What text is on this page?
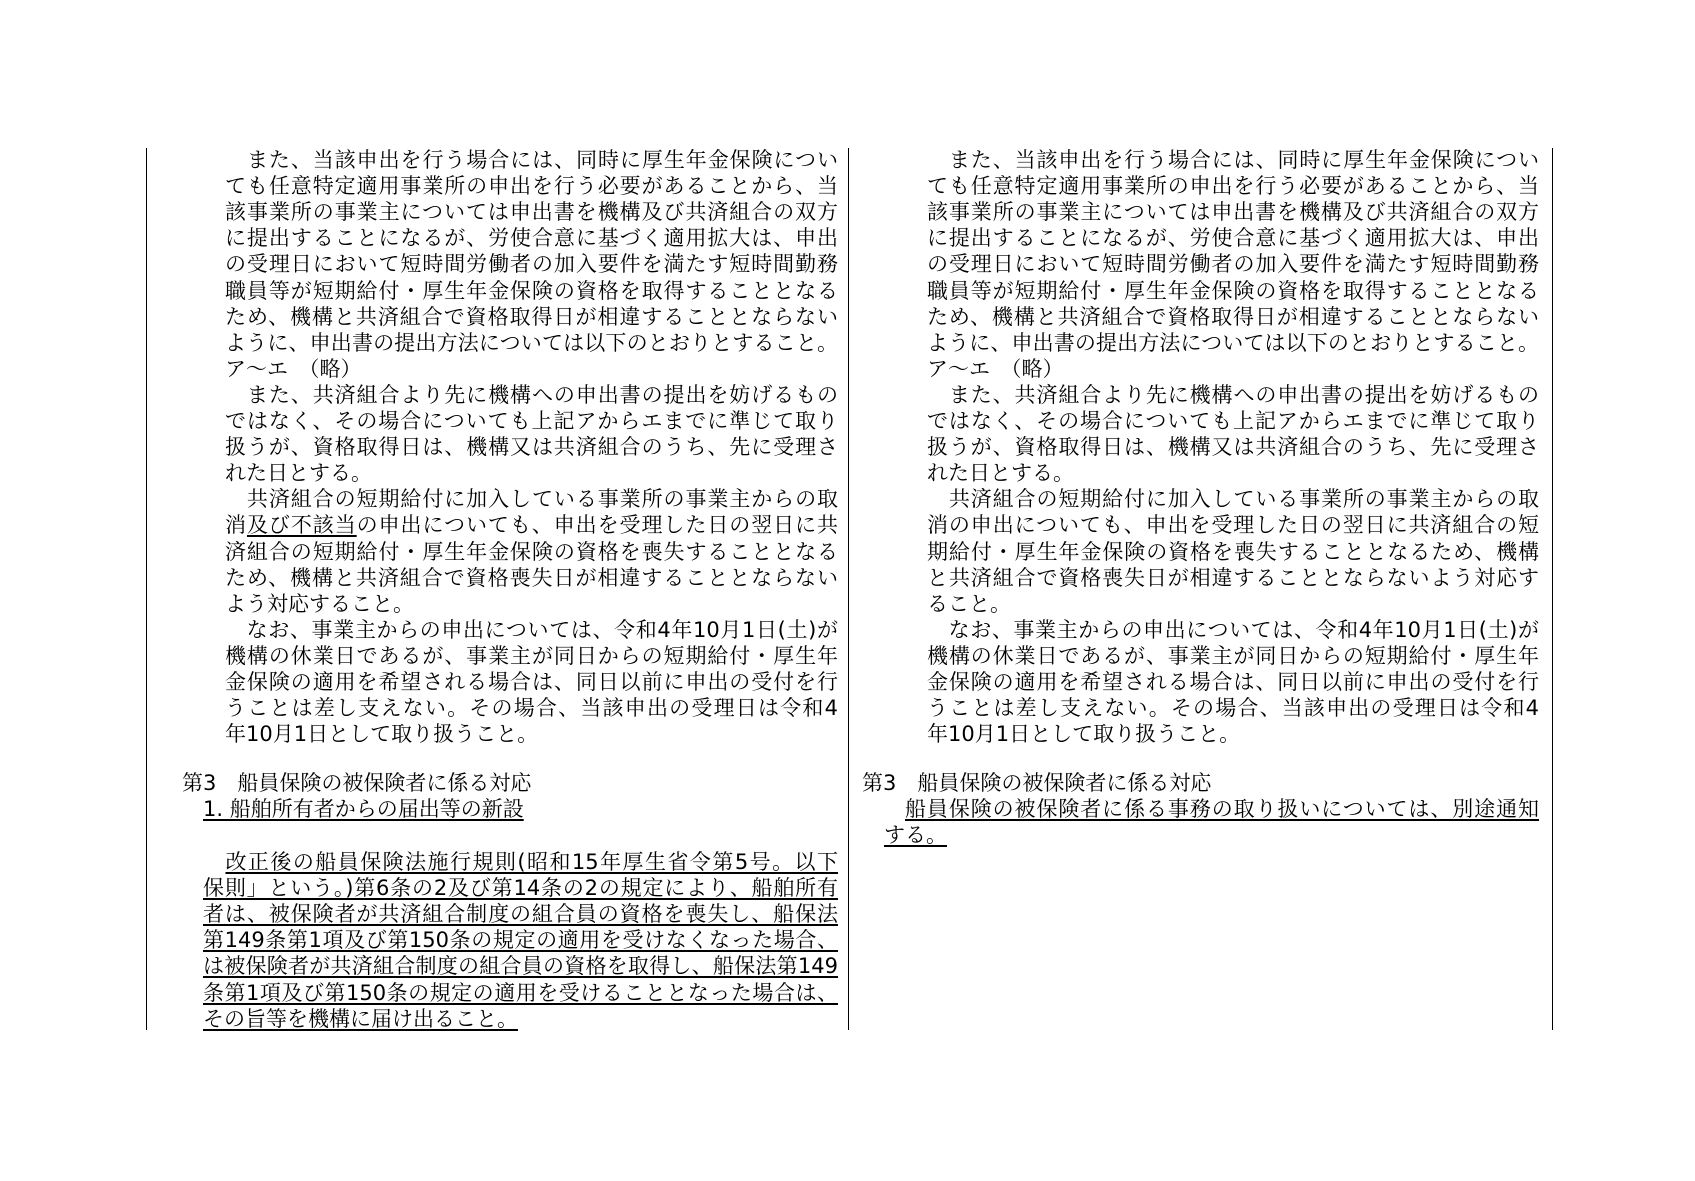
　また、当該申出を行う場合には、同時に厚生年金保険につい
ても任意特定適用事業所の申出を行う必要があることから、当
該事業所の事業主については申出書を機構及び共済組合の双方
に提出することになるが、労使合意に基づく適用拡大は、申出
の受理日において短時間労働者の加入要件を満たす短時間勤務
職員等が短期給付・厚生年金保険の資格を取得することとなる
ため、機構と共済組合で資格取得日が相違することとならない
ように、申出書の提出方法については以下のとおりとすること。
ア～エ　（略）
　また、共済組合より先に機構への申出書の提出を妨げるもの
ではなく、その場合についても上記アからエまでに準じて取り
扱うが、資格取得日は、機構又は共済組合のうち、先に受理さ
れた日とする。
　共済組合の短期給付に加入している事業所の事業主からの取
消及び不該当の申出についても、申出を受理した日の翌日に共
済組合の短期給付・厚生年金保険の資格を喪失することとなる
ため、機構と共済組合で資格喪失日が相違することとならない
よう対応すること。
　なお、事業主からの申出については、令和4年10月1日(土)が
機構の休業日であるが、事業主が同日からの短期給付・厚生年
金保険の適用を希望される場合は、同日以前に申出の受付を行
うことは差し支えない。その場合、当該申出の受理日は令和4
年10月1日として取り扱うこと。
　改正後の船員保険法施行規則(昭和15年厚生省令第5号。以下
保則」という。)第6条の2及び第14条の2の規定により、船舶所有
者は、被保険者が共済組合制度の組合員の資格を喪失し、船保法
第149条第1項及び第150条の規定の適用を受けなくなった場合、
は被保険者が共済組合制度の組合員の資格を取得し、船保法第149
条第1項及び第150条の規定の適用を受けることとなった場合は、
その旨等を機構に届け出ること。
　また、当該申出を行う場合には、同時に厚生年金保険につい
ても任意特定適用事業所の申出を行う必要があることから、当
該事業所の事業主については申出書を機構及び共済組合の双方
に提出することになるが、労使合意に基づく適用拡大は、申出
の受理日において短時間労働者の加入要件を満たす短時間勤務
職員等が短期給付・厚生年金保険の資格を取得することとなる
ため、機構と共済組合で資格取得日が相違することとならない
ように、申出書の提出方法については以下のとおりとすること。
ア～エ　（略）
　また、共済組合より先に機構への申出書の提出を妨げるもの
ではなく、その場合についても上記アからエまでに準じて取り
扱うが、資格取得日は、機構又は共済組合のうち、先に受理さ
れた日とする。
　共済組合の短期給付に加入している事業所の事業主からの取
消の申出についても、申出を受理した日の翌日に共済組合の短
期給付・厚生年金保険の資格を喪失することとなるため、機構
と共済組合で資格喪失日が相違することとならないよう対応す
ること。
　なお、事業主からの申出については、令和4年10月1日(土)が
機構の休業日であるが、事業主が同日からの短期給付・厚生年
金保険の適用を希望される場合は、同日以前に申出の受付を行
うことは差し支えない。その場合、当該申出の受理日は令和4
年10月1日として取り扱うこと。
第3　船員保険の被保険者に係る対応
1. 船舶所有者からの届出等の新設
第3　船員保険の被保険者に係る対応
船員保険の被保険者に係る事務の取り扱いについては、別途通知
する。
